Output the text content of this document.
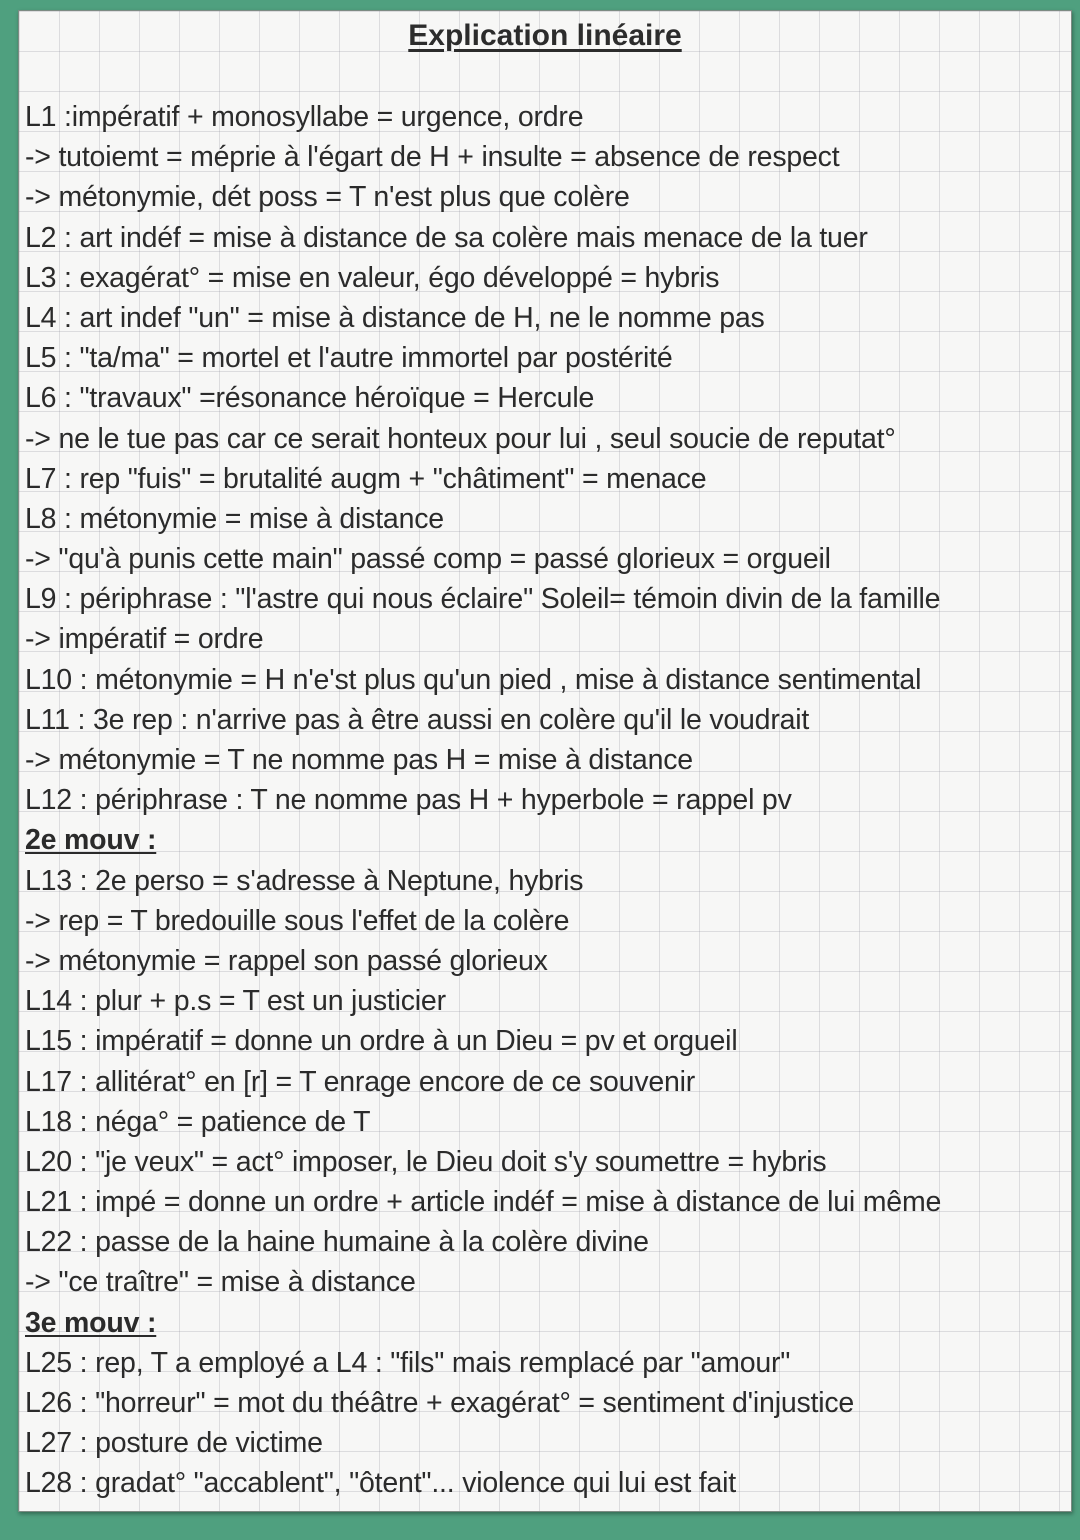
Explication linéaire
L1 :impératif + monosyllabe = urgence, ordre
-> tutoiemt = méprie à l'égart de H + insulte = absence de respect
-> métonymie, dét poss = T n'est plus que colère
L2 : art indéf = mise à distance de sa colère mais menace de la tuer
L3 : exagérat° = mise en valeur, égo développé = hybris
L4 : art indef "un" = mise à distance de H, ne le nomme pas
L5 : "ta/ma" = mortel et l'autre immortel par postérité
L6 : "travaux" =résonance héroïque = Hercule
-> ne le tue pas car ce serait honteux pour lui , seul soucie de reputat°
L7 : rep "fuis" = brutalité augm + "châtiment" = menace
L8 : métonymie = mise à distance
-> "qu'à punis cette main" passé comp = passé glorieux = orgueil
L9 : périphrase : "l'astre qui nous éclaire" Soleil= témoin divin de la famille
-> impératif = ordre
L10 : métonymie = H n'e'st plus qu'un pied , mise à distance sentimental
L11 : 3e rep : n'arrive pas à être aussi en colère qu'il le voudrait
-> métonymie = T ne nomme pas H = mise à distance
L12 : périphrase : T ne nomme pas H + hyperbole = rappel pv
2e mouv :
L13 : 2e perso = s'adresse à Neptune, hybris
-> rep = T bredouille sous l'effet de la colère
-> métonymie = rappel son passé glorieux
L14 : plur + p.s = T est un justicier
L15 : impératif = donne un ordre à un Dieu = pv et orgueil
L17 : allitérat° en [r] = T enrage encore de ce souvenir
L18 : néga° = patience de T
L20 : "je veux" = act° imposer, le Dieu doit s'y soumettre = hybris
L21 : impé = donne un ordre + article indéf = mise à distance de lui même
L22 : passe de la haine humaine à la colère divine
-> "ce traître" = mise à distance
3e mouv :
L25 : rep, T a employé a L4 : "fils" mais remplacé par "amour"
L26 : "horreur" = mot du théâtre + exagérat° = sentiment d'injustice
L27 : posture de victime
L28 : gradat° "accablent", "ôtent"... violence qui lui est fait
